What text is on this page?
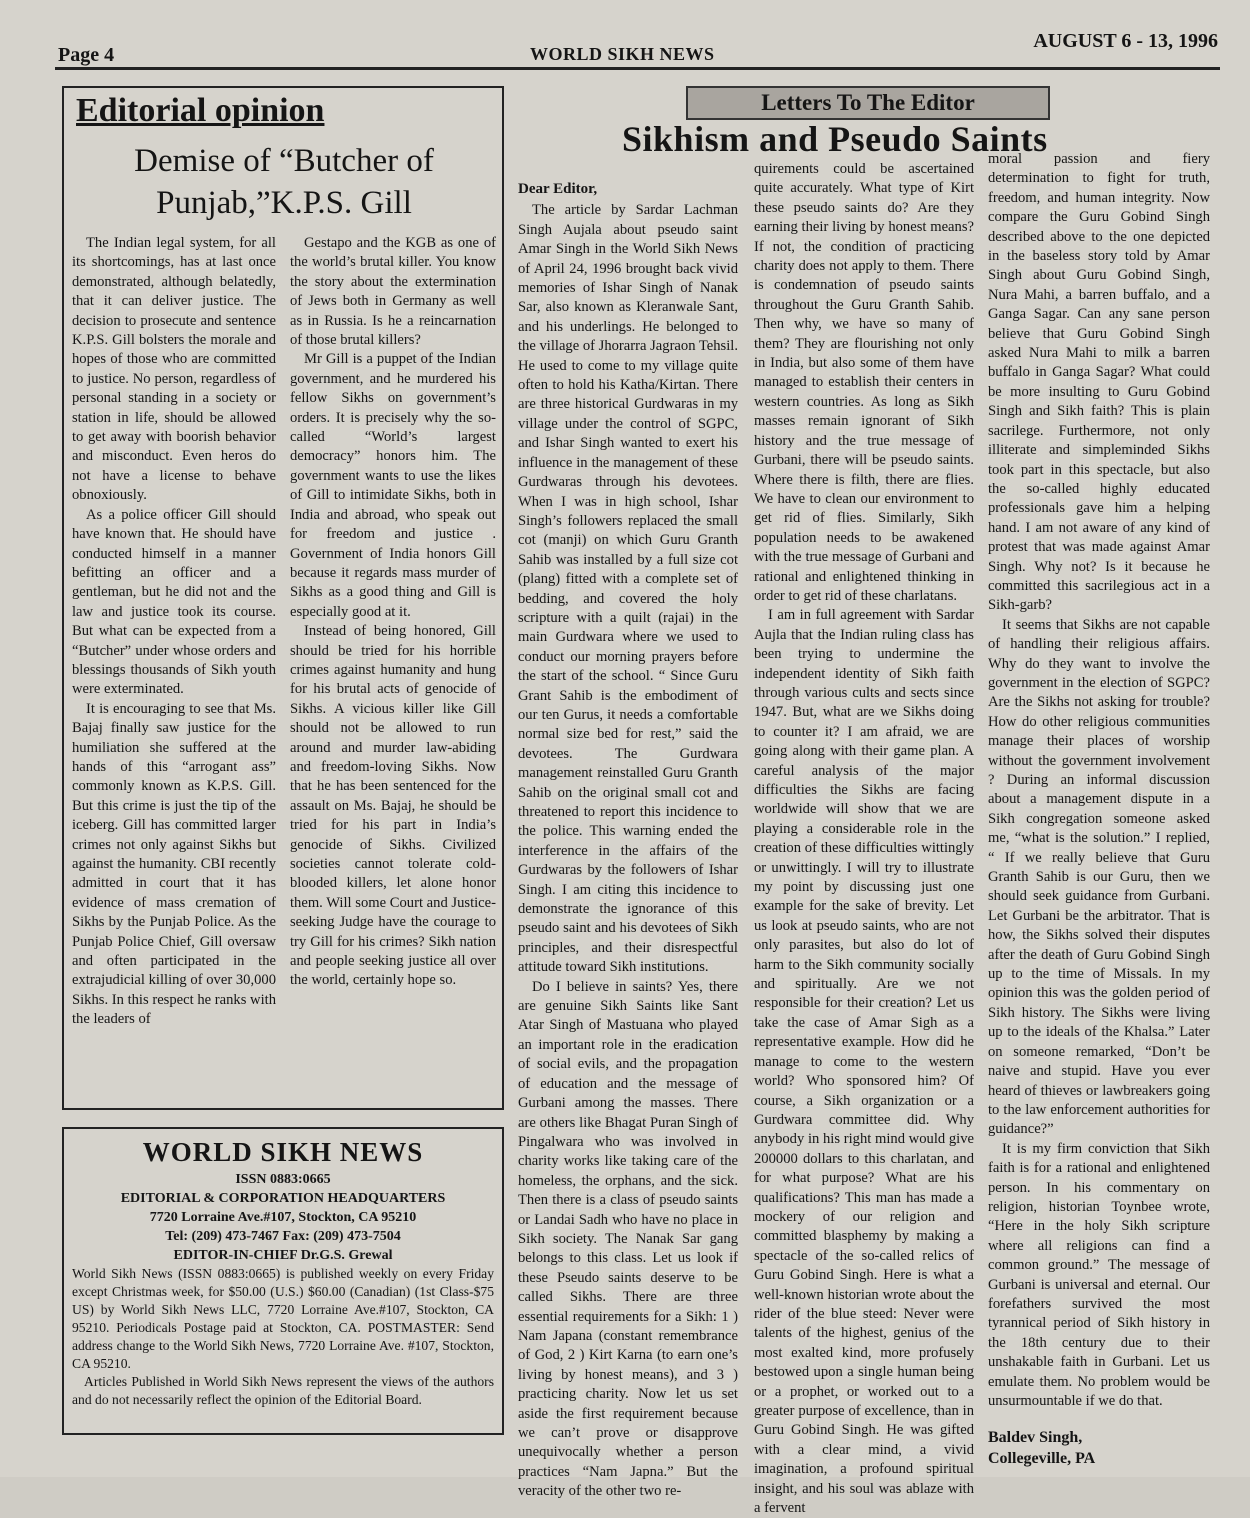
Page 4	WORLD SIKH NEWS
AUGUST 6 - 13, 1996
Editorial opinion
Demise of “Butcher of Punjab,”K.P.S. Gill

The Indian legal system, for all its shortcomings, has at last once demonstrated, although belatedly, that it can deliver justice. The decision to prosecute and sentence K.P.S. Gill bolsters the morale and hopes of those who are committed to justice. No person, regardless of personal standing in a society or station in life, should be allowed to get away with boorish behavior and misconduct. Even heros do not have a license to behave obnoxiously.

As a police officer Gill should have known that. He should have conducted himself in a manner befitting an officer and a gentleman, but he did not and the law and justice took its course. But what can be expected from a “Butcher” under whose orders and blessings thousands of Sikh youth were exterminated.

It is encouraging to see that Ms. Bajaj finally saw justice for the humiliation she suffered at the hands of this “arrogant ass” commonly known as K.P.S. Gill. But this crime is just the tip of the iceberg. Gill has committed larger crimes not only against Sikhs but against the humanity. CBI recently admitted in court that it has evidence of mass cremation of Sikhs by the Punjab Police. As the Punjab Police Chief, Gill oversaw and often participated in the extrajudicial killing of over 30,000 Sikhs. In this respect he ranks with the leaders of

Gestapo and the KGB as one of the world’s brutal killer. You know the story about the extermination of Jews both in Germany as well as in Russia. Is he a reincarnation of those brutal killers?

Mr Gill is a puppet of the Indian government, and he murdered his fellow Sikhs on government’s orders. It is precisely why the so-called “World’s largest democracy” honors him. The government wants to use the likes of Gill to intimidate Sikhs, both in India and abroad, who speak out for freedom and justice . Government of India honors Gill because it regards mass murder of Sikhs as a good thing and Gill is especially good at it.

Instead of being honored, Gill should be tried for his horrible crimes against humanity and hung for his brutal acts of genocide of Sikhs. A vicious killer like Gill should not be allowed to run around and murder law-abiding and freedom-loving Sikhs. Now that he has been sentenced for the assault on Ms. Bajaj, he should be tried for his part in India’s genocide of Sikhs. Civilized societies cannot tolerate cold-blooded killers, let alone honor them. Will some Court and Justice-seeking Judge have the courage to try Gill for his crimes? Sikh nation and people seeking justice all over the world, certainly hope so.

WORLD SIKH NEWS
ISSN 0883:0665
EDITORIAL & CORPORATION HEADQUARTERS
7720 Lorraine Ave.#107, Stockton, CA 95210
Tel: (209) 473-7467 Fax: (209) 473-7504
EDITOR-IN-CHIEF Dr.G.S. Grewal

World Sikh News (ISSN 0883:0665) is published weekly on every Friday except Christmas week, for $50.00 (U.S.) $60.00 (Canadian) (1st Class-$75 US) by World Sikh News LLC, 7720 Lorraine Ave.#107, Stockton, CA 95210. Periodicals Postage paid at Stockton, CA. POSTMASTER: Send address change to the World Sikh News, 7720 Lorraine Ave. #107, Stockton, CA 95210.

Articles Published in World Sikh News represent the views of the authors and do not necessarily reflect the opinion of the Editorial Board.

Letters To The Editor
Sikhism and Pseudo Saints
Dear Editor,

The article by Sardar Lachman Singh Aujala about pseudo saint Amar Singh in the World Sikh News of April 24, 1996 brought back vivid memories of Ishar Singh of Nanak Sar, also known as Kleranwale Sant, and his underlings. He belonged to the village of Jhorarra Jagraon Tehsil. He used to come to my village quite often to hold his Katha/Kirtan. There are three historical Gurdwaras in my village under the control of SGPC, and Ishar Singh wanted to exert his influence in the management of these Gurdwaras through his devotees. When I was in high school, Ishar Singh’s followers replaced the small cot (manji) on which Guru Granth Sahib was installed by a full size cot (plang) fitted with a complete set of bedding, and covered the holy scripture with a quilt (rajai) in the main Gurdwara where we used to conduct our morning prayers before the start of the school. “ Since Guru Grant Sahib is the embodiment of our ten Gurus, it needs a comfortable normal size bed for rest,” said the devotees. The Gurdwara management reinstalled Guru Granth Sahib on the original small cot and threatened to report this incidence to the police. This warning ended the interference in the affairs of the Gurdwaras by the followers of Ishar Singh. I am citing this incidence to demonstrate the ignorance of this pseudo saint and his devotees of Sikh principles, and their disrespectful attitude toward Sikh institutions.

Do I believe in saints? Yes, there are genuine Sikh Saints like Sant Atar Singh of Mastuana who played an important role in the eradication of social evils, and the propagation of education and the message of Gurbani among the masses. There are others like Bhagat Puran Singh of Pingalwara who was involved in charity works like taking care of the homeless, the orphans, and the sick. Then there is a class of pseudo saints or Landai Sadh who have no place in Sikh society. The Nanak Sar gang belongs to this class. Let us look if these Pseudo saints deserve to be called Sikhs. There are three essential requirements for a Sikh: 1 ) Nam Japana (constant remembrance of God, 2 ) Kirt Karna (to earn one’s living by honest means), and 3 ) practicing charity. Now let us set aside the first requirement because we can’t prove or disapprove unequivocally whether a person practices “Nam Japna.” But the veracity of the other two re-

quirements could be ascertained quite accurately. What type of Kirt these pseudo saints do? Are they earning their living by honest means? If not, the condition of practicing charity does not apply to them. There is condemnation of pseudo saints throughout the Guru Granth Sahib. Then why, we have so many of them? They are flourishing not only in India, but also some of them have managed to establish their centers in western countries. As long as Sikh masses remain ignorant of Sikh history and the true message of Gurbani, there will be pseudo saints. Where there is filth, there are flies. We have to clean our environment to get rid of flies. Similarly, Sikh population needs to be awakened with the true message of Gurbani and rational and enlightened thinking in order to get rid of these charlatans.

I am in full agreement with Sardar Aujla that the Indian ruling class has been trying to undermine the independent identity of Sikh faith through various cults and sects since 1947. But, what are we Sikhs doing to counter it? I am afraid, we are going along with their game plan. A careful analysis of the major difficulties the Sikhs are facing worldwide will show that we are playing a considerable role in the creation of these difficulties wittingly or unwittingly. I will try to illustrate my point by discussing just one example for the sake of brevity. Let us look at pseudo saints, who are not only parasites, but also do lot of harm to the Sikh community socially and spiritually. Are we not responsible for their creation? Let us take the case of Amar Sigh as a representative example. How did he manage to come to the western world? Who sponsored him? Of course, a Sikh organization or a Gurdwara committee did. Why anybody in his right mind would give 200000 dollars to this charlatan, and for what purpose? What are his qualifications? This man has made a mockery of our religion and committed blasphemy by making a spectacle of the so-called relics of Guru Gobind Singh. Here is what a well-known historian wrote about the rider of the blue steed: Never were talents of the highest, genius of the most exalted kind, more profusely bestowed upon a single human being or a prophet, or worked out to a greater purpose of excellence, than in Guru Gobind Singh. He was gifted with a clear mind, a vivid imagination, a profound spiritual insight, and his soul was ablaze with a fervent

moral passion and fiery determination to fight for truth, freedom, and human integrity. Now compare the Guru Gobind Singh described above to the one depicted in the baseless story told by Amar Singh about Guru Gobind Singh, Nura Mahi, a barren buffalo, and a Ganga Sagar. Can any sane person believe that Guru Gobind Singh asked Nura Mahi to milk a barren buffalo in Ganga Sagar? What could be more insulting to Guru Gobind Singh and Sikh faith? This is plain sacrilege. Furthermore, not only illiterate and simpleminded Sikhs took part in this spectacle, but also the so-called highly educated professionals gave him a helping hand. I am not aware of any kind of protest that was made against Amar Singh. Why not? Is it because he committed this sacrilegious act in a Sikh-garb?

It seems that Sikhs are not capable of handling their religious affairs. Why do they want to involve the government in the election of SGPC? Are the Sikhs not asking for trouble? How do other religious communities manage their places of worship without the government involvement ? During an informal discussion about a management dispute in a Sikh congregation someone asked me, “what is the solution.” I replied, “ If we really believe that Guru Granth Sahib is our Guru, then we should seek guidance from Gurbani. Let Gurbani be the arbitrator. That is how, the Sikhs solved their disputes after the death of Guru Gobind Singh up to the time of Missals. In my opinion this was the golden period of Sikh history. The Sikhs were living up to the ideals of the Khalsa.” Later on someone remarked, “Don’t be naive and stupid. Have you ever heard of thieves or lawbreakers going to the law enforcement authorities for guidance?”

It is my firm conviction that Sikh faith is for a rational and enlightened person. In his commentary on religion, historian Toynbee wrote, “Here in the holy Sikh scripture where all religions can find a common ground.” The message of Gurbani is universal and eternal. Our forefathers survived the most tyrannical period of Sikh history in the 18th century due to their unshakable faith in Gurbani. Let us emulate them. No problem would be unsurmountable if we do that.

Baldev Singh,
Collegeville, PA
